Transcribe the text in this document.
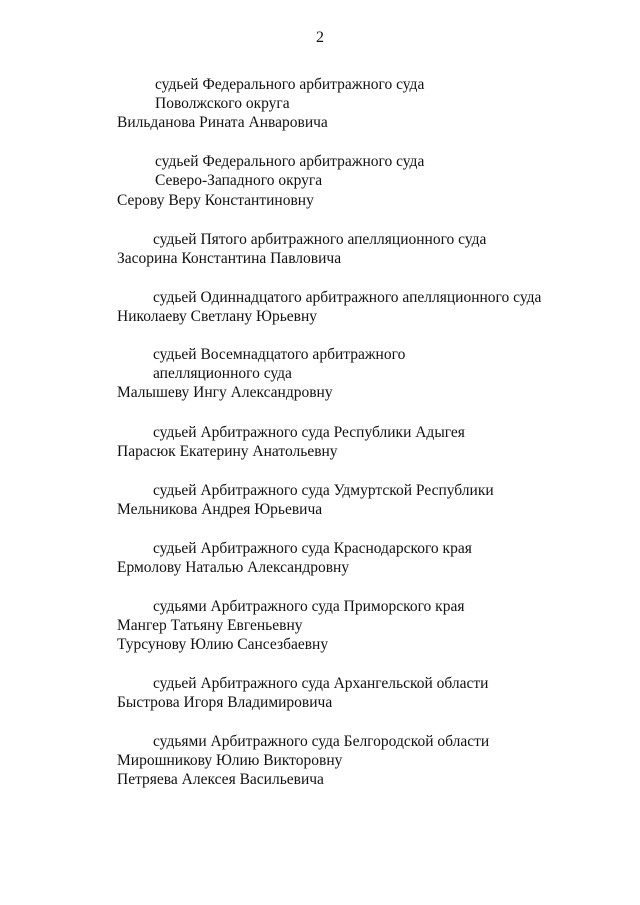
2
судьей Федерального арбитражного суда
Поволжского округа
Вильданова Рината Анваровича
судьей Федерального арбитражного суда
Северо-Западного округа
Серову Веру Константиновну
судьей Пятого арбитражного апелляционного суда
Засорина Константина Павловича
судьей Одиннадцатого арбитражного апелляционного суда
Николаеву Светлану Юрьевну
судьей Восемнадцатого арбитражного
апелляционного суда
Малышеву Ингу Александровну
судьей Арбитражного суда Республики Адыгея
Парасюк Екатерину Анатольевну
судьей Арбитражного суда Удмуртской Республики
Мельникова Андрея Юрьевича
судьей Арбитражного суда Краснодарского края
Ермолову Наталью Александровну
судьями Арбитражного суда Приморского края
Мангер Татьяну Евгеньевну
Турсунову Юлию Сансезбаевну
судьей Арбитражного суда Архангельской области
Быстрова Игоря Владимировича
судьями Арбитражного суда Белгородской области
Мирошникову Юлию Викторовну
Петряева Алексея Васильевича
